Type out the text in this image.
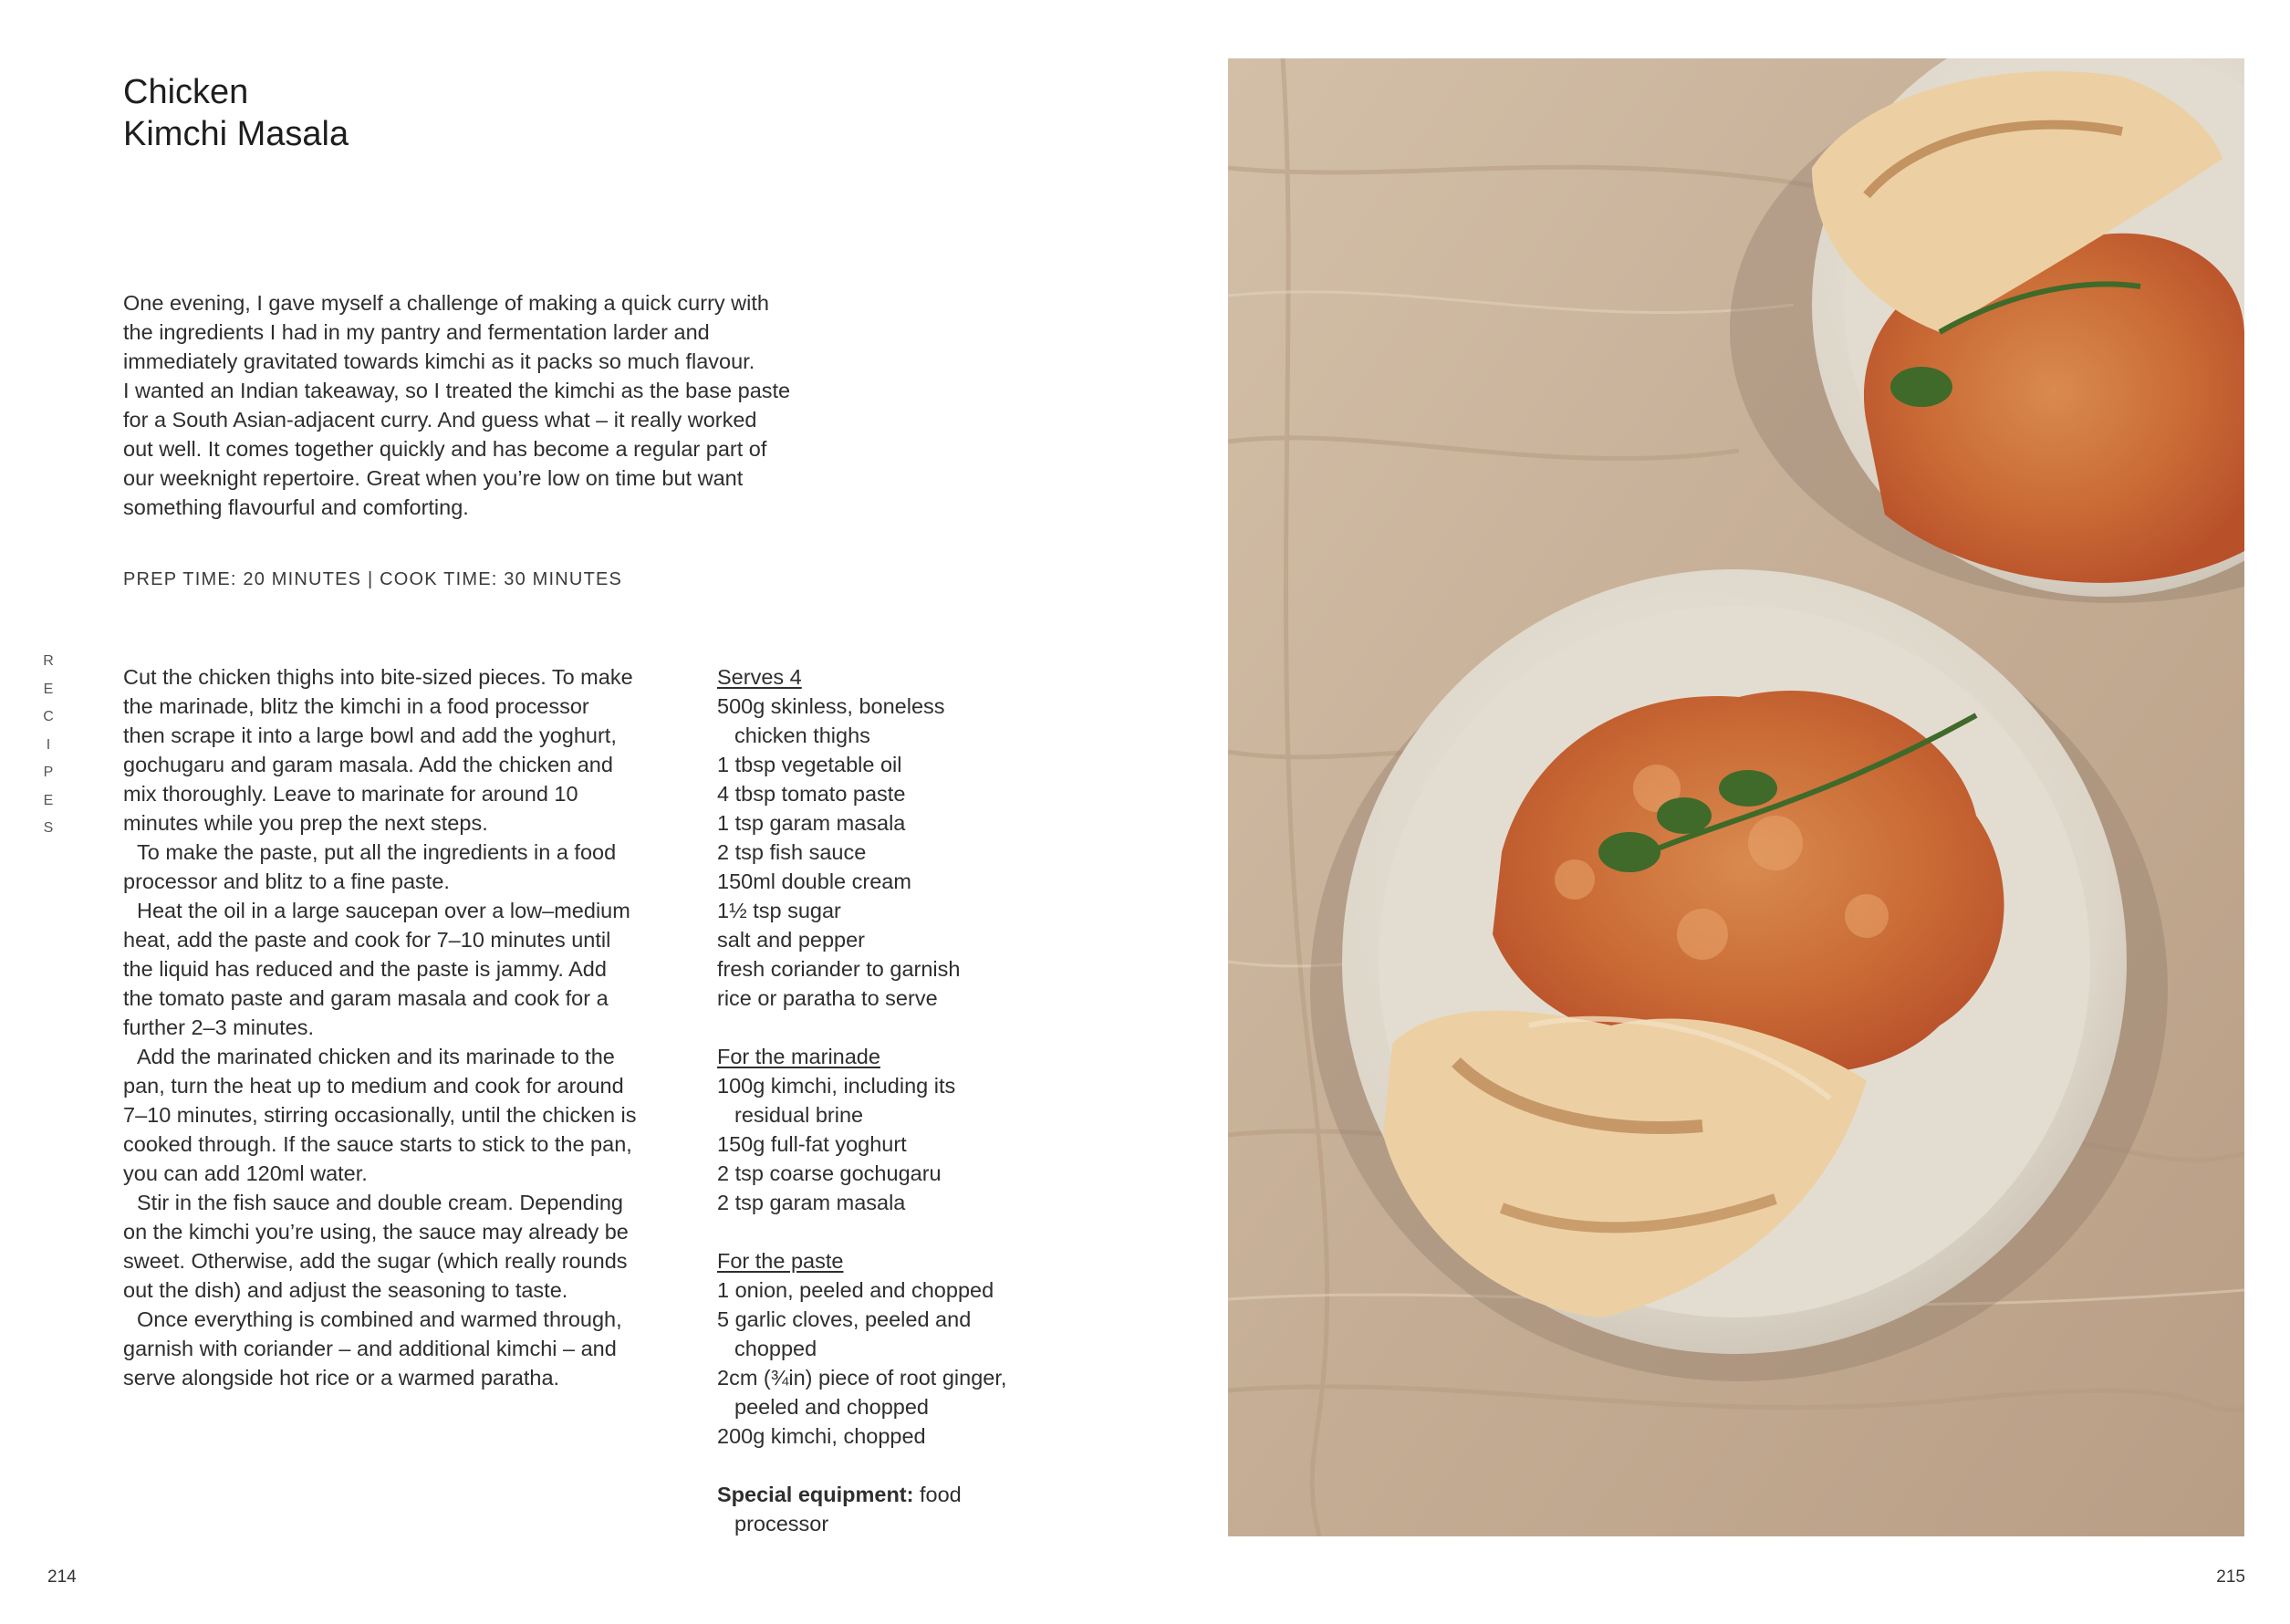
Chicken
Kimchi Masala

One evening, I gave myself a challenge of making a quick curry with
the ingredients I had in my pantry and fermentation larder and
immediately gravitated towards kimchi as it packs so much flavour.
I wanted an Indian takeaway, so I treated the kimchi as the base paste
for a South Asian-adjacent curry. And guess what – it really worked
out well. It comes together quickly and has become a regular part of
our weeknight repertoire. Great when you’re low on time but want
something flavourful and comforting.

PREP TIME: 20 MINUTES | COOK TIME: 30 MINUTES

R
E
C
I
P
E
S
Cut the chicken thighs into bite-sized pieces. To make
the marinade, blitz the kimchi in a food processor
then scrape it into a large bowl and add the yoghurt,
gochugaru and garam masala. Add the chicken and
mix thoroughly. Leave to marinate for around 10
minutes while you prep the next steps.
To make the paste, put all the ingredients in a food
processor and blitz to a fine paste.
Heat the oil in a large saucepan over a low–medium
heat, add the paste and cook for 7–10 minutes until
the liquid has reduced and the paste is jammy. Add
the tomato paste and garam masala and cook for a
further 2–3 minutes.
Add the marinated chicken and its marinade to the
pan, turn the heat up to medium and cook for around
7–10 minutes, stirring occasionally, until the chicken is
cooked through. If the sauce starts to stick to the pan,
you can add 120ml water.
Stir in the fish sauce and double cream. Depending
on the kimchi you’re using, the sauce may already be
sweet. Otherwise, add the sugar (which really rounds
out the dish) and adjust the seasoning to taste.
Once everything is combined and warmed through,
garnish with coriander – and additional kimchi – and
serve alongside hot rice or a warmed paratha.
Serves 4
500g skinless, boneless
chicken thighs
1 tbsp vegetable oil
4 tbsp tomato paste
1 tsp garam masala
2 tsp fish sauce
150ml double cream
1½ tsp sugar
salt and pepper
fresh coriander to garnish
rice or paratha to serve
For the marinade
100g kimchi, including its
residual brine
150g full-fat yoghurt
2 tsp coarse gochugaru
2 tsp garam masala
For the paste
1 onion, peeled and chopped
5 garlic cloves, peeled and
chopped
2cm (¾in) piece of root ginger,
peeled and chopped
200g kimchi, chopped
Special equipment: food
processor
214	215
